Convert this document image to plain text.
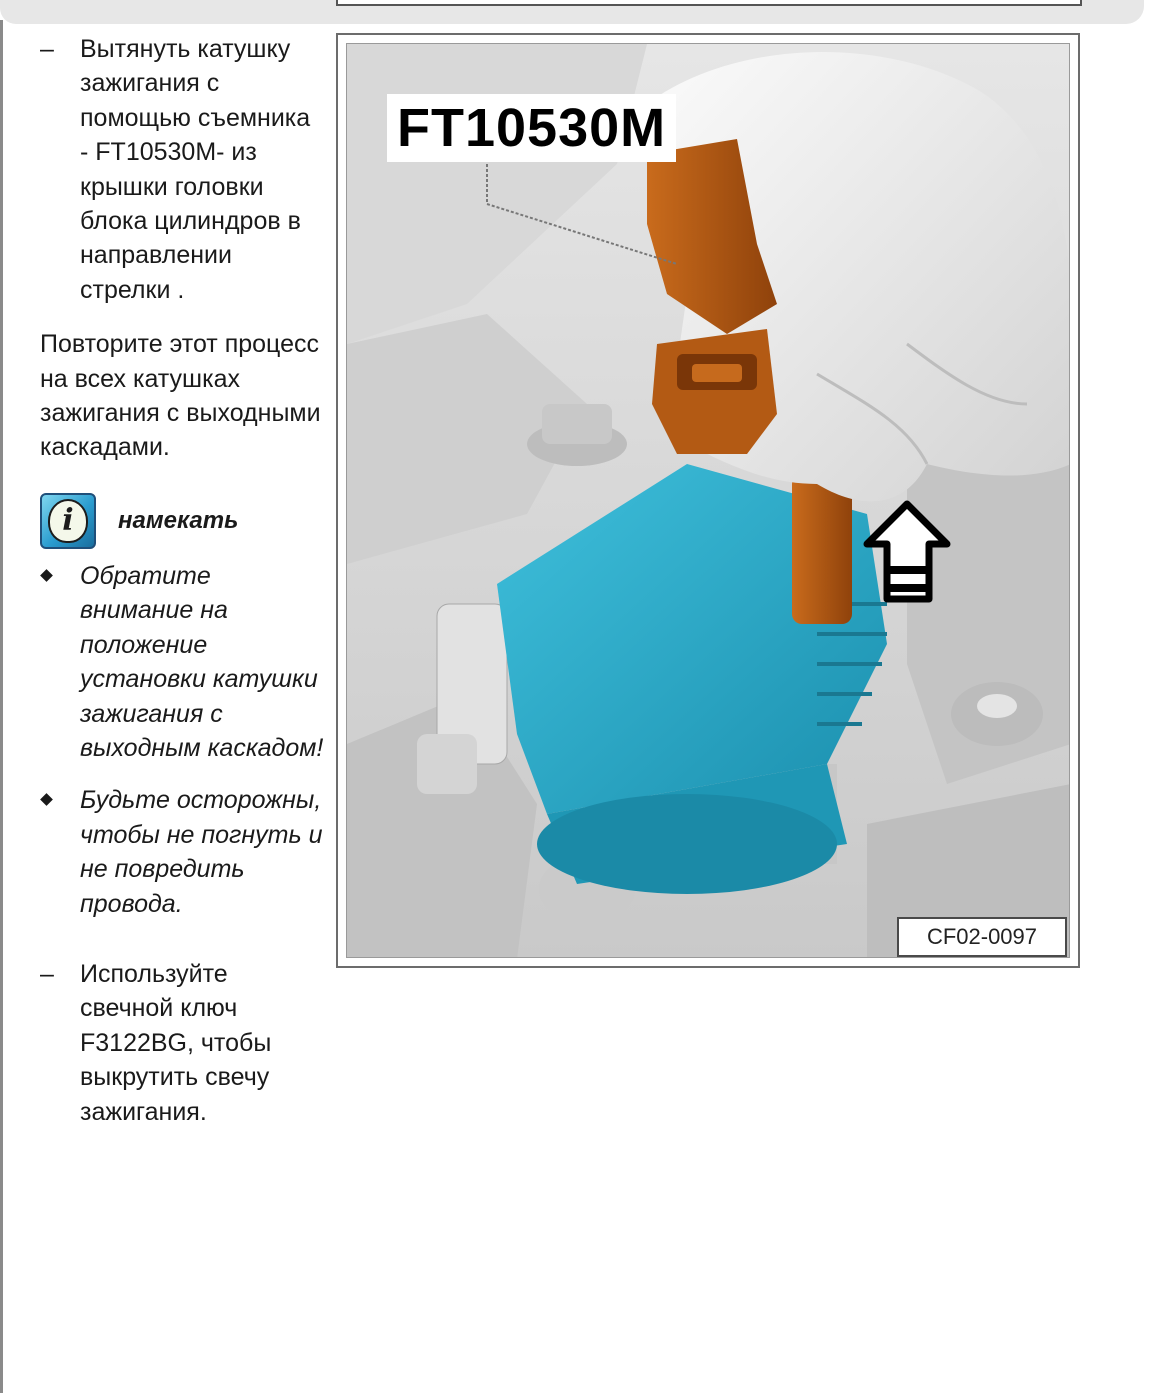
– Вытянуть катушку зажигания с помощью съемника - FT10530M- из крышки головки блока цилиндров в направлении стрелки .

Повторите этот процесс на всех катушках зажигания с выходными каскадами.

i	намекать
Обратите внимание на положение установки катушки зажигания с выходным каскадом!
Будьте осторожны, чтобы не погнуть и не повредить провода.

– Используйте свечной ключ F3122BG, чтобы выкрутить свечу зажигания.

FT10530M
CF02-0097
